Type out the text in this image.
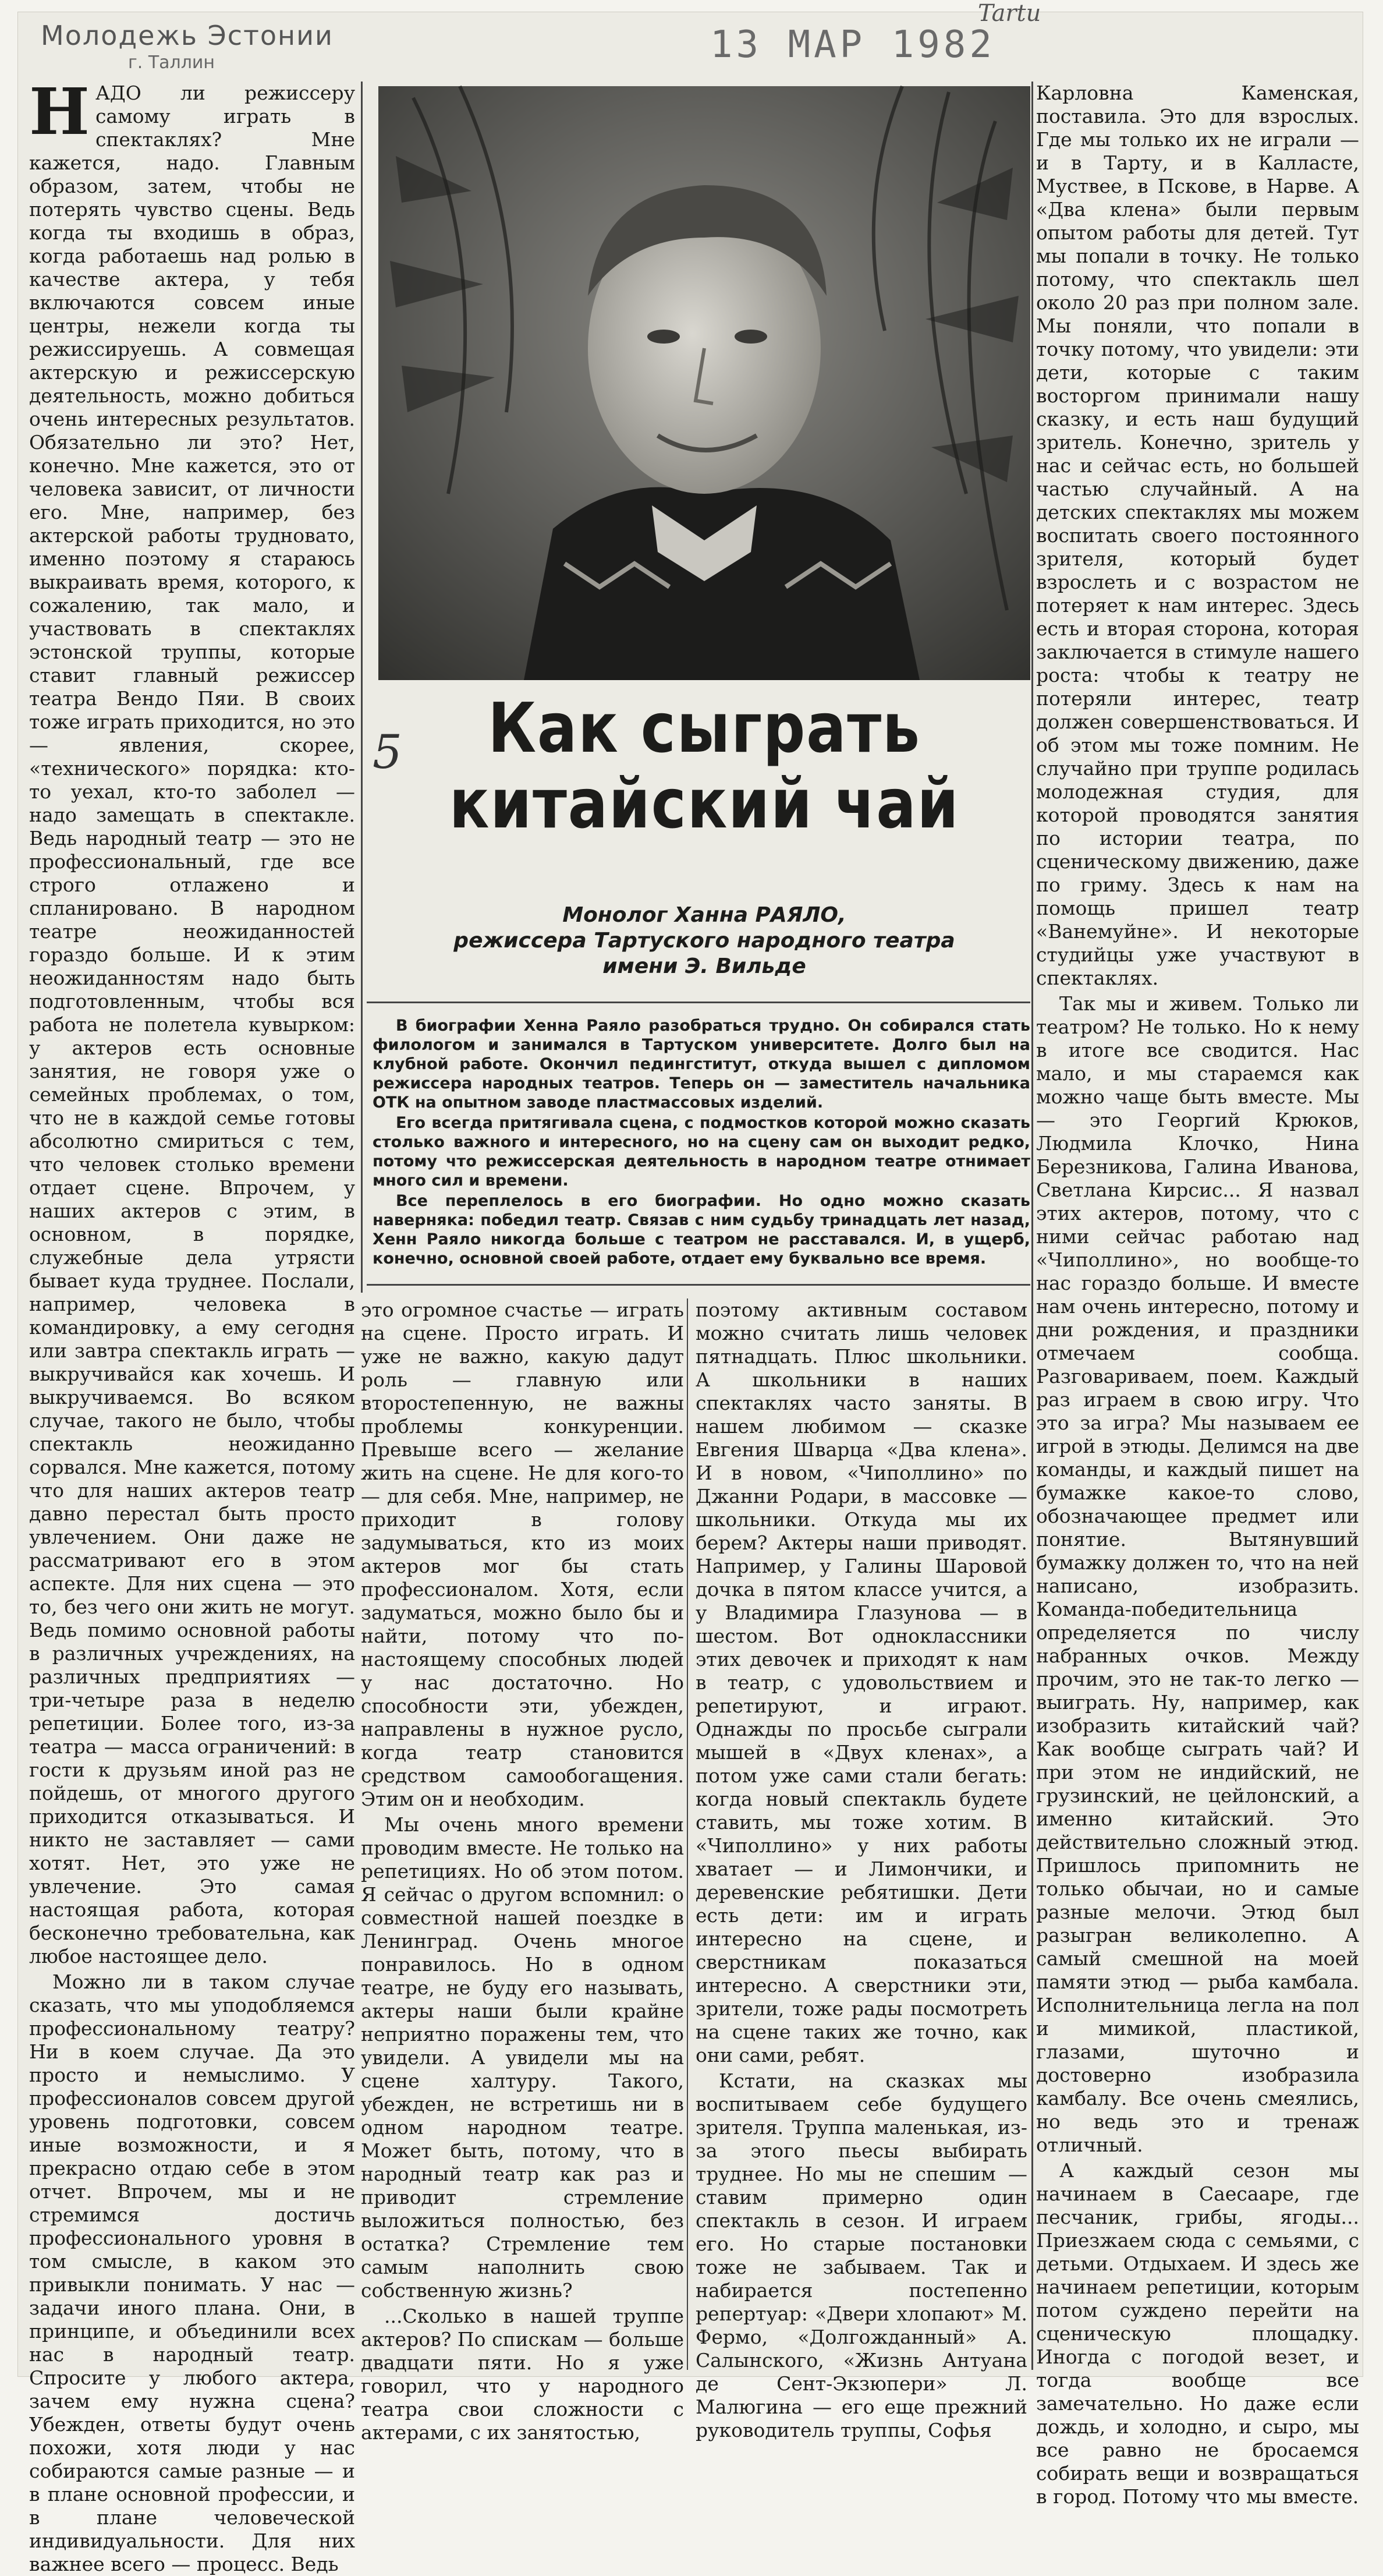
Молодежь Эстонии
г. Таллин	13 МАР 1982
Tartu

НАДО ли режиссеру самому играть в спектаклях? Мне кажется, надо. Главным образом, затем, чтобы не потерять чувство сцены. Ведь когда ты входишь в образ, когда работаешь над ролью в качестве актера, у тебя включаются совсем иные центры, нежели когда ты режиссируешь. А совмещая актерскую и режиссерскую деятельность, можно добиться очень интересных результатов. Обязательно ли это? Нет, конечно. Мне кажется, это от человека зависит, от личности его. Мне, например, без актерской работы трудновато, именно поэтому я стараюсь выкраивать время, которого, к сожалению, так мало, и участвовать в спектаклях эстонской труппы, которые ставит главный режиссер театра Вендо Пяи. В своих тоже играть приходится, но это — явления, скорее, «технического» порядка: кто-то уехал, кто-то заболел — надо замещать в спектакле. Ведь народный театр — это не профессиональный, где все строго отлажено и спланировано. В народном театре неожиданностей гораздо больше. И к этим неожиданностям надо быть подготовленным, чтобы вся работа не полетела кувырком: у актеров есть основные занятия, не говоря уже о семейных проблемах, о том, что не в каждой семье готовы абсолютно смириться с тем, что человек столько времени отдает сцене. Впрочем, у наших актеров с этим, в основном, в порядке, служебные дела утрясти бывает куда труднее. Послали, например, человека в командировку, а ему сегодня или завтра спектакль играть — выкручивайся как хочешь. И выкручиваемся. Во всяком случае, такого не было, чтобы спектакль неожиданно сорвался. Мне кажется, потому что для наших актеров театр давно перестал быть просто увлечением. Они даже не рассматривают его в этом аспекте. Для них сцена — это то, без чего они жить не могут. Ведь помимо основной работы в различных учреждениях, на различных предприятиях — три-четыре раза в неделю репетиции. Более того, из-за театра — масса ограничений: в гости к друзьям иной раз не пойдешь, от многого другого приходится отказываться. И никто не заставляет — сами хотят. Нет, это уже не увлечение. Это самая настоящая работа, которая бесконечно требовательна, как любое настоящее дело.

Можно ли в таком случае сказать, что мы уподобляемся профессиональному театру? Ни в коем случае. Да это просто и немыслимо. У профессионалов совсем другой уровень подготовки, совсем иные возможности, и я прекрасно отдаю себе в этом отчет. Впрочем, мы и не стремимся достичь профессионального уровня в том смысле, в каком это привыкли понимать. У нас — задачи иного плана. Они, в принципе, и объединили всех нас в народный театр. Спросите у любого актера, зачем ему нужна сцена? Убежден, ответы будут очень похожи, хотя люди у нас собираются самые разные — и в плане основной профессии, и в плане человеческой индивидуальности. Для них важнее всего — процесс. Ведь

Как сыграть
китайский чай
5
Монолог Ханна РАЯЛО,
режиссера Тартуского народного театра
имени Э. Вильде

В биографии Хенна Раяло разобраться трудно. Он собирался стать филологом и занимался в Тартуском университете. Долго был на клубной работе. Окончил педингститут, откуда вышел с дипломом режиссера народных театров. Теперь он — заместитель начальника ОТК на опытном заводе пластмассовых изделий.

Его всегда притягивала сцена, с подмостков которой можно сказать столько важного и интересного, но на сцену сам он выходит редко, потому что режиссерская деятельность в народном театре отнимает много сил и времени.

Все переплелось в его биографии. Но одно можно сказать наверняка: победил театр. Связав с ним судьбу тринадцать лет назад, Хенн Раяло никогда больше с театром не расставался. И, в ущерб, конечно, основной своей работе, отдает ему буквально все время.

это огромное счастье — играть на сцене. Просто играть. И уже не важно, какую дадут роль — главную или второстепенную, не важны проблемы конкуренции. Превыше всего — желание жить на сцене. Не для кого-то — для себя. Мне, например, не приходит в голову задумываться, кто из моих актеров мог бы стать профессионалом. Хотя, если задуматься, можно было бы и найти, потому что по-настоящему способных людей у нас достаточно. Но способности эти, убежден, направлены в нужное русло, когда театр становится средством самообогащения. Этим он и необходим.

Мы очень много времени проводим вместе. Не только на репетициях. Но об этом потом. Я сейчас о другом вспомнил: о совместной нашей поездке в Ленинград. Очень многое понравилось. Но в одном театре, не буду его называть, актеры наши были крайне неприятно поражены тем, что увидели. А увидели мы на сцене халтуру. Такого, убежден, не встретишь ни в одном народном театре. Может быть, потому, что в народный театр как раз и приводит стремление выложиться полностью, без остатка? Стремление тем самым наполнить свою собственную жизнь?

...Сколько в нашей труппе актеров? По спискам — больше двадцати пяти. Но я уже говорил, что у народного театра свои сложности с актерами, с их занятостью,

поэтому активным составом можно считать лишь человек пятнадцать. Плюс школьники. А школьники в наших спектаклях часто заняты. В нашем любимом — сказке Евгения Шварца «Два клена». И в новом, «Чиполлино» по Джанни Родари, в массовке — школьники. Откуда мы их берем? Актеры наши приводят. Например, у Галины Шаровой дочка в пятом классе учится, а у Владимира Глазунова — в шестом. Вот одноклассники этих девочек и приходят к нам в театр, с удовольствием и репетируют, и играют. Однажды по просьбе сыграли мышей в «Двух кленах», а потом уже сами стали бегать: когда новый спектакль будете ставить, мы тоже хотим. В «Чиполлино» у них работы хватает — и Лимончики, и деревенские ребятишки. Дети есть дети: им и играть интересно на сцене, и сверстникам показаться интересно. А сверстники эти, зрители, тоже рады посмотреть на сцене таких же точно, как они сами, ребят.

Кстати, на сказках мы воспитываем себе будущего зрителя. Труппа маленькая, из-за этого пьесы выбирать труднее. Но мы не спешим — ставим примерно один спектакль в сезон. И играем его. Но старые постановки тоже не забываем. Так и набирается постепенно репертуар: «Двери хлопают» М. Фермо, «Долгожданный» А. Салынского, «Жизнь Антуана де Сент-Экзюпери» Л. Малюгина — его еще прежний руководитель труппы, Софья

Карловна Каменская, поставила. Это для взрослых. Где мы только их не играли — и в Тарту, и в Калласте, Муствее, в Пскове, в Нарве. А «Два клена» были первым опытом работы для детей. Тут мы попали в точку. Не только потому, что спектакль шел около 20 раз при полном зале. Мы поняли, что попали в точку потому, что увидели: эти дети, которые с таким восторгом принимали нашу сказку, и есть наш будущий зритель. Конечно, зритель у нас и сейчас есть, но большей частью случайный. А на детских спектаклях мы можем воспитать своего постоянного зрителя, который будет взрослеть и с возрастом не потеряет к нам интерес. Здесь есть и вторая сторона, которая заключается в стимуле нашего роста: чтобы к театру не потеряли интерес, театр должен совершенствоваться. И об этом мы тоже помним. Не случайно при труппе родилась молодежная студия, для которой проводятся занятия по истории театра, по сценическому движению, даже по гриму. Здесь к нам на помощь пришел театр «Ванемуйне». И некоторые студийцы уже участвуют в спектаклях.

Так мы и живем. Только ли театром? Не только. Но к нему в итоге все сводится. Нас мало, и мы стараемся как можно чаще быть вместе. Мы — это Георгий Крюков, Людмила Клочко, Нина Березникова, Галина Иванова, Светлана Кирсис... Я назвал этих актеров, потому, что с ними сейчас работаю над «Чиполлино», но вообще-то нас гораздо больше. И вместе нам очень интересно, потому и дни рождения, и праздники отмечаем сообща. Разговариваем, поем. Каждый раз играем в свою игру. Что это за игра? Мы называем ее игрой в этюды. Делимся на две команды, и каждый пишет на бумажке какое-то слово, обозначающее предмет или понятие. Вытянувший бумажку должен то, что на ней написано, изобразить. Команда-победительница определяется по числу набранных очков. Между прочим, это не так-то легко — выиграть. Ну, например, как изобразить китайский чай? Как вообще сыграть чай? И при этом не индийский, не грузинский, не цейлонский, а именно китайский. Это действительно сложный этюд. Пришлось припомнить не только обычаи, но и самые разные мелочи. Этюд был разыгран великолепно. А самый смешной на моей памяти этюд — рыба камбала. Исполнительница легла на пол и мимикой, пластикой, глазами, шуточно и достоверно изобразила камбалу. Все очень смеялись, но ведь это и тренаж отличный.

А каждый сезон мы начинаем в Саесааре, где песчаник, грибы, ягоды... Приезжаем сюда с семьями, с детьми. Отдыхаем. И здесь же начинаем репетиции, которым потом суждено перейти на сценическую площадку. Иногда с погодой везет, и тогда вообще все замечательно. Но даже если дождь, и холодно, и сыро, мы все равно не бросаемся собирать вещи и возвращаться в город. Потому что мы вместе.
